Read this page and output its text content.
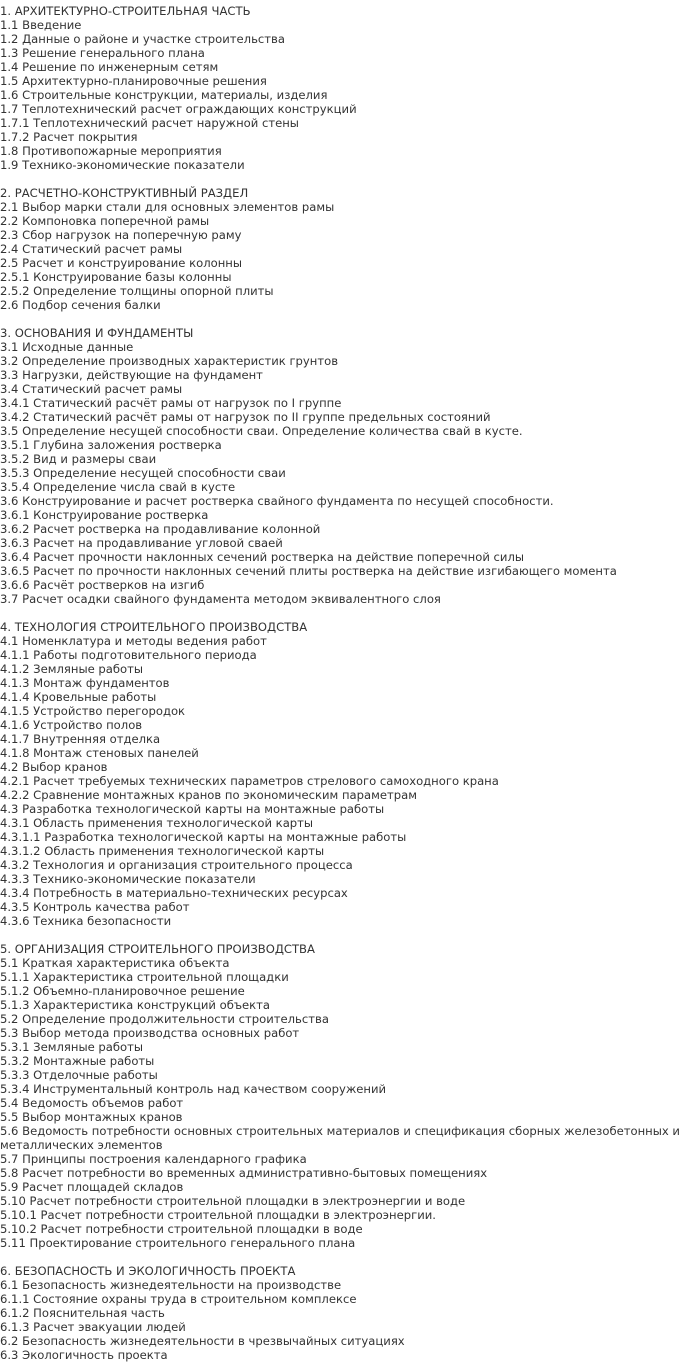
1. АРХИТЕКТУРНО-СТРОИТЕЛЬНАЯ ЧАСТЬ
1.1 Введение
1.2 Данные о районе и участке строительства
1.3 Решение генерального плана
1.4 Решение по инженерным сетям
1.5 Архитектурно-планировочные решения
1.6 Строительные конструкции, материалы, изделия
1.7 Теплотехнический расчет ограждающих конструкций
1.7.1 Теплотехнический расчет наружной стены
1.7.2 Расчет покрытия
1.8 Противопожарные мероприятия
1.9 Технико-экономические показатели
2. РАСЧЕТНО-КОНСТРУКТИВНЫЙ РАЗДЕЛ
2.1 Выбор марки стали для основных элементов рамы
2.2 Компоновка поперечной рамы
2.3 Сбор нагрузок на поперечную раму
2.4 Статический расчет рамы
2.5 Расчет и конструирование колонны
2.5.1 Конструирование базы колонны
2.5.2 Определение толщины опорной плиты
2.6 Подбор сечения балки
3. ОСНОВАНИЯ И ФУНДАМЕНТЫ
3.1 Исходные данные
3.2 Определение производных характеристик грунтов
3.3 Нагрузки, действующие на фундамент
3.4 Статический расчет рамы
3.4.1 Статический расчёт рамы от нагрузок по I группе
3.4.2 Статический расчёт рамы от нагрузок по II группе предельных состояний
3.5 Определение несущей способности сваи. Определение количества свай в кусте.
3.5.1 Глубина заложения ростверка
3.5.2 Вид и размеры сваи
3.5.3 Определение несущей способности сваи
3.5.4 Определение числа свай в кусте
3.6 Конструирование и расчет ростверка свайного фундамента по несущей способности.
3.6.1 Конструирование ростверка
3.6.2 Расчет ростверка на продавливание колонной
3.6.3 Расчет на продавливание угловой сваей
3.6.4 Расчет прочности наклонных сечений ростверка на действие поперечной силы
3.6.5 Расчет по прочности наклонных сечений плиты ростверка на действие изгибающего момента
3.6.6 Расчёт ростверков на изгиб
3.7 Расчет осадки свайного фундамента методом эквивалентного слоя
4. ТЕХНОЛОГИЯ СТРОИТЕЛЬНОГО ПРОИЗВОДСТВА
4.1 Номенклатура и методы ведения работ
4.1.1 Работы подготовительного периода
4.1.2 Земляные работы
4.1.3 Монтаж фундаментов
4.1.4 Кровельные работы
4.1.5 Устройство перегородок
4.1.6 Устройство полов
4.1.7 Внутренняя отделка
4.1.8 Монтаж стеновых панелей
4.2 Выбор кранов
4.2.1 Расчет требуемых технических параметров стрелового самоходного крана
4.2.2 Сравнение монтажных кранов по экономическим параметрам
4.3 Разработка технологической карты на монтажные работы
4.3.1 Область применения технологической карты
4.3.1.1 Разработка технологической карты на монтажные работы
4.3.1.2 Область применения технологической карты
4.3.2 Технология и организация строительного процесса
4.3.3 Технико-экономические показатели
4.3.4 Потребность в материально-технических ресурсах
4.3.5 Контроль качества работ
4.3.6 Техника безопасности
5. ОРГАНИЗАЦИЯ СТРОИТЕЛЬНОГО ПРОИЗВОДСТВА
5.1 Краткая характеристика объекта
5.1.1 Характеристика строительной площадки
5.1.2 Объемно-планировочное решение
5.1.3 Характеристика конструкций объекта
5.2 Определение продолжительности строительства
5.3 Выбор метода производства основных работ
5.3.1 Земляные работы
5.3.2 Монтажные работы
5.3.3 Отделочные работы
5.3.4 Инструментальный контроль над качеством сооружений
5.4 Ведомость объемов работ
5.5 Выбор монтажных кранов
5.6 Ведомость потребности основных строительных материалов и спецификация сборных железобетонных и металлических элементов
5.7 Принципы построения календарного графика
5.8 Расчет потребности во временных административно-бытовых помещениях
5.9 Расчет площадей складов
5.10 Расчет потребности строительной площадки в электроэнергии и воде
5.10.1 Расчет потребности строительной площадки в электроэнергии.
5.10.2 Расчет потребности строительной площадки в воде
5.11 Проектирование строительного генерального плана
6. БЕЗОПАСНОСТЬ И ЭКОЛОГИЧНОСТЬ ПРОЕКТА
6.1 Безопасность жизнедеятельности на производстве
6.1.1 Состояние охраны труда в строительном комплексе
6.1.2 Пояснительная часть
6.1.3 Расчет эвакуации людей
6.2 Безопасность жизнедеятельности в чрезвычайных ситуациях
6.3 Экологичность проекта
